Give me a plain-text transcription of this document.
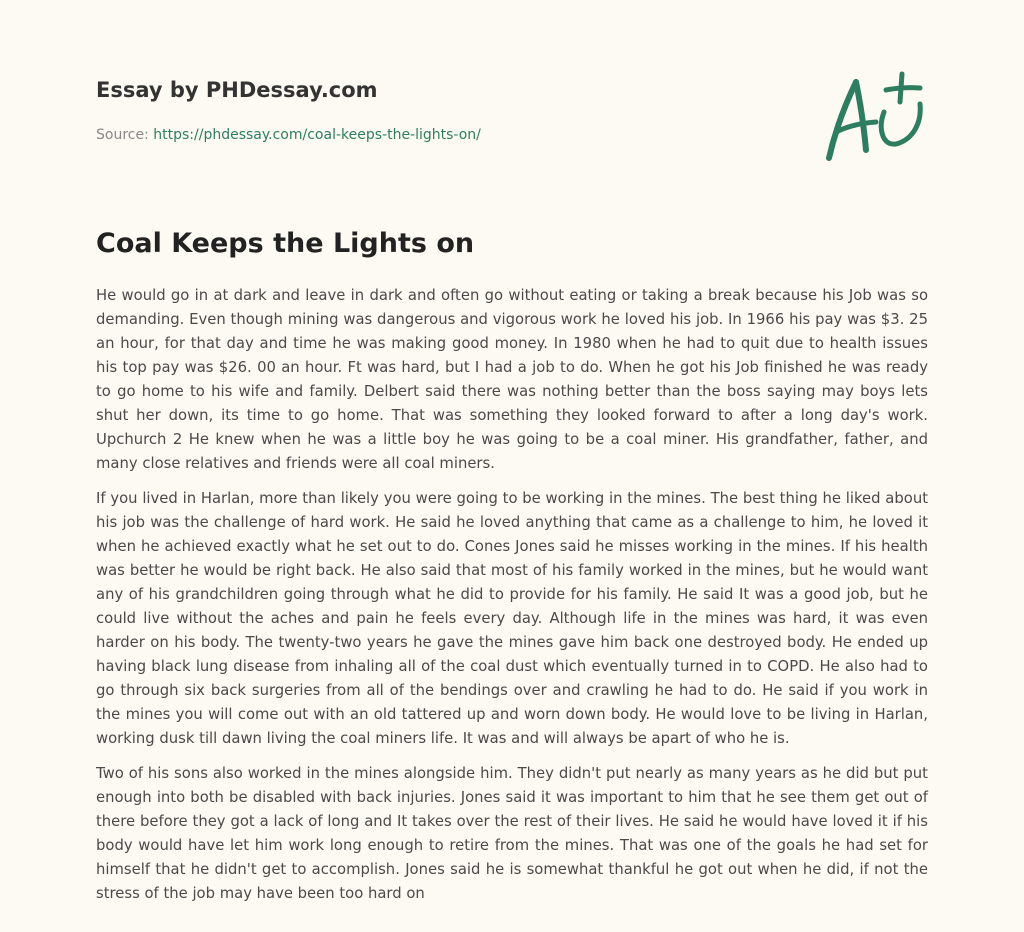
Essay by PHDessay.com
Source: https://phdessay.com/coal-keeps-the-lights-on/
Coal Keeps the Lights on

He would go in at dark and leave in dark and often go without eating or taking a break because his Job was so demanding. Even though mining was dangerous and vigorous work he loved his job. In 1966 his pay was $3. 25 an hour, for that day and time he was making good money. In 1980 when he had to quit due to health issues his top pay was $26. 00 an hour. Ft was hard, but I had a job to do. When he got his Job finished he was ready to go home to his wife and family. Delbert said there was nothing better than the boss saying may boys lets shut her down, its time to go home. That was something they looked forward to after a long day's work. Upchurch 2 He knew when he was a little boy he was going to be a coal miner. His grandfather, father, and many close relatives and friends were all coal miners.

If you lived in Harlan, more than likely you were going to be working in the mines. The best thing he liked about his job was the challenge of hard work. He said he loved anything that came as a challenge to him, he loved it when he achieved exactly what he set out to do. Cones Jones said he misses working in the mines. If his health was better he would be right back. He also said that most of his family worked in the mines, but he would want any of his grandchildren going through what he did to provide for his family. He said It was a good job, but he could live without the aches and pain he feels every day. Although life in the mines was hard, it was even harder on his body. The twenty-two years he gave the mines gave him back one destroyed body. He ended up having black lung disease from inhaling all of the coal dust which eventually turned in to COPD. He also had to go through six back surgeries from all of the bendings over and crawling he had to do. He said if you work in the mines you will come out with an old tattered up and worn down body. He would love to be living in Harlan, working dusk till dawn living the coal miners life. It was and will always be apart of who he is.

Two of his sons also worked in the mines alongside him. They didn't put nearly as many years as he did but put enough into both be disabled with back injuries. Jones said it was important to him that he see them get out of there before they got a lack of long and It takes over the rest of their lives. He said he would have loved it if his body would have let him work long enough to retire from the mines. That was one of the goals he had set for himself that he didn't get to accomplish. Jones said he is somewhat thankful he got out when he did, if not the stress of the job may have been too hard on
